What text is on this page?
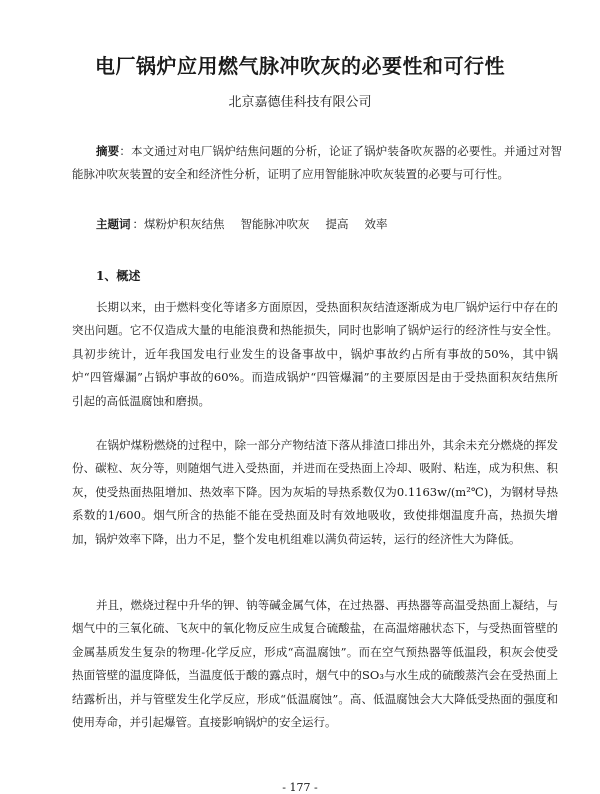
电厂锅炉应用燃气脉冲吹灰的必要性和可行性
北京嘉德佳科技有限公司
摘要：本文通过对电厂锅炉结焦问题的分析，论证了锅炉装备吹灰器的必要性。并通过对智能脉冲吹灰装置的安全和经济性分析，证明了应用智能脉冲吹灰装置的必要与可行性。
主题词 ：煤粉炉积灰结焦 智能脉冲吹灰 提高 效率
1、概述
长期以来，由于燃料变化等诸多方面原因，受热面积灰结渣逐渐成为电厂锅炉运行中存在的突出问题。它不仅造成大量的电能浪费和热能损失，同时也影响了锅炉运行的经济性与安全性。具初步统计，近年我国发电行业发生的设备事故中，锅炉事故约占所有事故的50%，其中锅炉“四管爆漏”占锅炉事故的60%。而造成锅炉“四管爆漏”的主要原因是由于受热面积灰结焦所引起的高低温腐蚀和磨损。
在锅炉煤粉燃烧的过程中，除一部分产物结渣下落从排渣口排出外，其余未充分燃烧的挥发份、碳粒、灰分等，则随烟气进入受热面，并进而在受热面上冷却、吸附、粘连，成为积焦、积灰，使受热面热阻增加、热效率下降。因为灰垢的导热系数仅为0.1163w/(m²℃)，为钢材导热系数的1/600。烟气所含的热能不能在受热面及时有效地吸收，致使排烟温度升高，热损失增加，锅炉效率下降，出力不足，整个发电机组难以满负荷运转，运行的经济性大为降低。
并且，燃烧过程中升华的钾、钠等碱金属气体，在过热器、再热器等高温受热面上凝结，与烟气中的三氧化硫、飞灰中的氧化物反应生成复合硫酸盐，在高温熔融状态下，与受热面管壁的金属基质发生复杂的物理-化学反应，形成“高温腐蚀”。而在空气预热器等低温段，积灰会使受热面管壁的温度降低，当温度低于酸的露点时，烟气中的SO₃与水生成的硫酸蒸汽会在受热面上结露析出，并与管壁发生化学反应，形成“低温腐蚀”。高、低温腐蚀会大大降低受热面的强度和使用寿命，并引起爆管。直接影响锅炉的安全运行。
- 177 -
